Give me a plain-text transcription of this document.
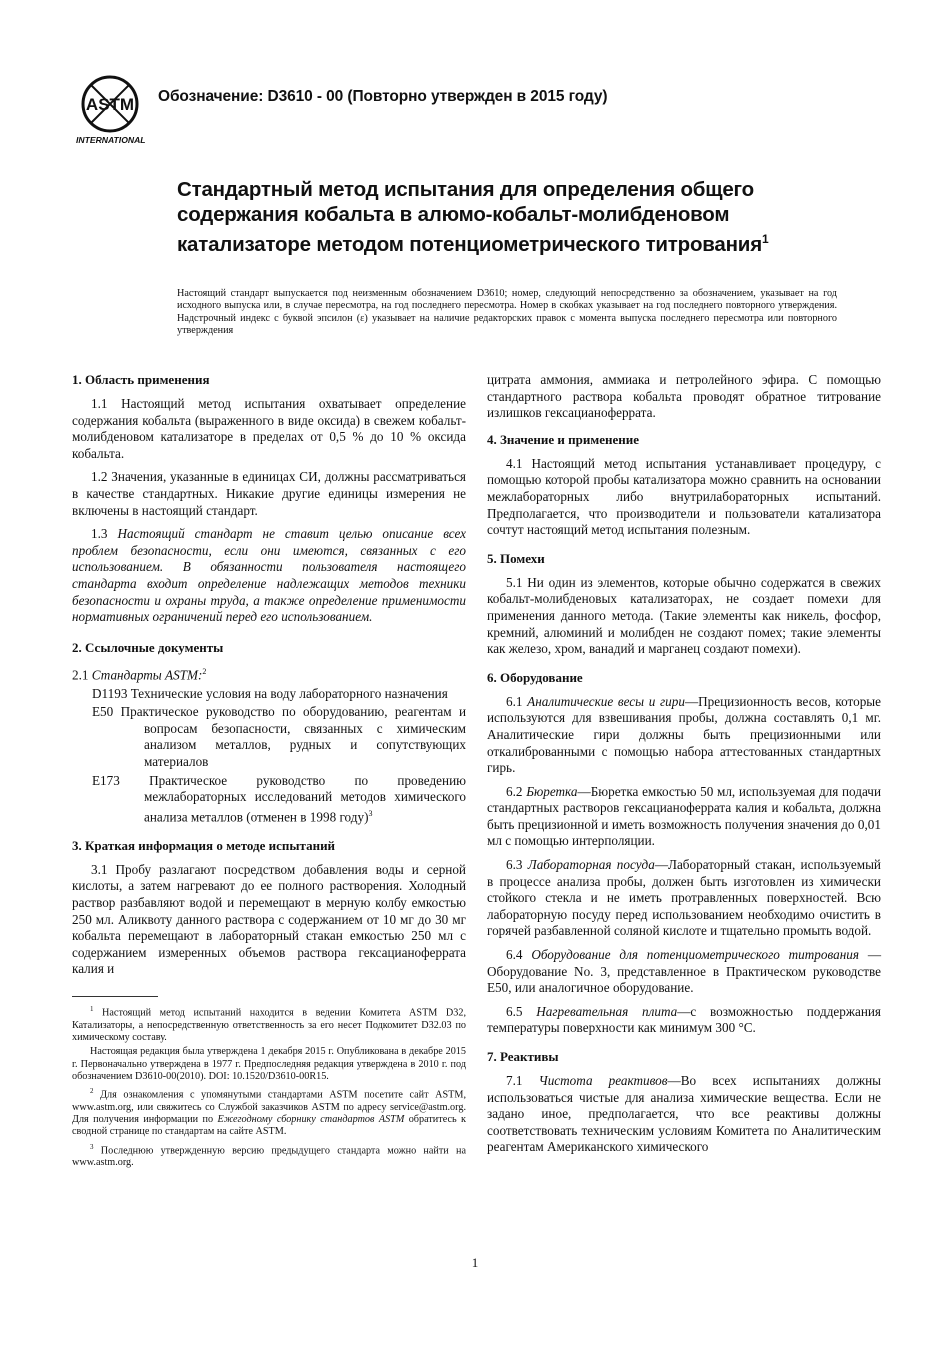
ASTM
INTERNATIONAL
Обозначение: D3610 - 00 (Повторно утвержден в 2015 году)
Стандартный метод испытания для определения общего содержания кобальта в алюмо-кобальт-молибденовом катализаторе методом потенциометрического титрования$^1$
Настоящий стандарт выпускается под неизменным обозначением D3610; номер, следующий непосредственно за обозначением, указывает на год исходного выпуска или, в случае пересмотра, на год последнего пересмотра. Номер в скобках указывает на год последнего повторного утверждения. Надстрочный индекс с буквой эпсилон (ε) указывает на наличие редакторских правок с момента выпуска последнего пересмотра или повторного утверждения
1. Область применения

1.1 Настоящий метод испытания охватывает определение содержания кобальта (выраженного в виде оксида) в свежем кобальт-молибденовом катализаторе в пределах от 0,5 % до 10 % оксида кобальта.

1.2 Значения, указанные в единицах СИ, должны рассматриваться в качестве стандартных. Никакие другие единицы измерения не включены в настоящий стандарт.

1.3 Настоящий стандарт не ставит целью описание всех проблем безопасности, если они имеются, связанных с его использованием. В обязанности пользователя настоящего стандарта входит определение надлежащих методов техники безопасности и охраны труда, а также определение применимости нормативных ограничений перед его использованием.

2. Ссылочные документы

2.1 Стандарты ASTM:$^2$

D1193 Технические условия на воду лабораторного назначения

E50 Практическое руководство по оборудованию, реагентам и вопросам безопасности, связанных с химическим анализом металлов, рудных и сопутствующих материалов

E173 Практическое руководство по проведению межлабораторных исследований методов химического анализа металлов (отменен в 1998 году)$^3$

3. Краткая информация о методе испытаний

3.1 Пробу разлагают посредством добавления воды и серной кислоты, а затем нагревают до ее полного растворения. Холодный раствор разбавляют водой и перемещают в мерную колбу емкостью 250 мл. Аликвоту данного раствора с содержанием от 10 мг до 30 мг кобальта перемещают в лабораторный стакан емкостью 250 мл с содержанием измеренных объемов раствора гексацианоферрата калия и

$^1$ Настоящий метод испытаний находится в ведении Комитета ASTM D32, Катализаторы, а непосредственную ответственность за его несет Подкомитет D32.03 по химическому составу.

Настоящая редакция была утверждена 1 декабря 2015 г. Опубликована в декабре 2015 г. Первоначально утверждена в 1977 г. Предпоследняя редакция утверждена в 2010 г. под обозначением D3610-00(2010). DOI: 10.1520/D3610-00R15.

$^2$ Для ознакомления с упомянутыми стандартами ASTM посетите сайт ASTM, www.astm.org, или свяжитесь со Службой заказчиков ASTM по адресу service@astm.org. Для получения информации по Ежегодному сборнику стандартов ASTM обратитесь к сводной странице по стандартам на сайте ASTM.

$^3$ Последнюю утвержденную версию предыдущего стандарта можно найти на www.astm.org.

цитрата аммония, аммиака и петролейного эфира. С помощью стандартного раствора кобальта проводят обратное титрование излишков гексацианоферрата.

4. Значение и применение

4.1 Настоящий метод испытания устанавливает процедуру, с помощью которой пробы катализатора можно сравнить на основании межлабораторных либо внутрилабораторных испытаний. Предполагается, что производители и пользователи катализатора сочтут настоящий метод испытания полезным.

5. Помехи

5.1 Ни один из элементов, которые обычно содержатся в свежих кобальт-молибденовых катализаторах, не создает помехи для применения данного метода. (Такие элементы как никель, фосфор, кремний, алюминий и молибден не создают помех; такие элементы как железо, хром, ванадий и марганец создают помехи).

6. Оборудование

6.1 Аналитические весы и гири—Прецизионность весов, которые используются для взвешивания пробы, должна составлять 0,1 мг. Аналитические гири должны быть прецизионными или откалиброванными с помощью набора аттестованных стандартных гирь.

6.2 Бюретка—Бюретка емкостью 50 мл, используемая для подачи стандартных растворов гексацианоферрата калия и кобальта, должна быть прецизионной и иметь возможность получения значения до 0,01 мл с помощью интерполяции.

6.3 Лабораторная посуда—Лабораторный стакан, используемый в процессе анализа пробы, должен быть изготовлен из химически стойкого стекла и не иметь протравленных поверхностей. Всю лабораторную посуду перед использованием необходимо очистить в горячей разбавленной соляной кислоте и тщательно промыть водой.

6.4 Оборудование для потенциометрического титрования — Оборудование No. 3, представленное в Практическом руководстве E50, или аналогичное оборудование.

6.5 Нагревательная плита—с возможностью поддержания температуры поверхности как минимум 300 °С.

7. Реактивы

7.1 Чистота реактивов—Во всех испытаниях должны использоваться чистые для анализа химические вещества. Если не задано иное, предполагается, что все реактивы должны соответствовать техническим условиям Комитета по Аналитическим реагентам Американского химического

1
